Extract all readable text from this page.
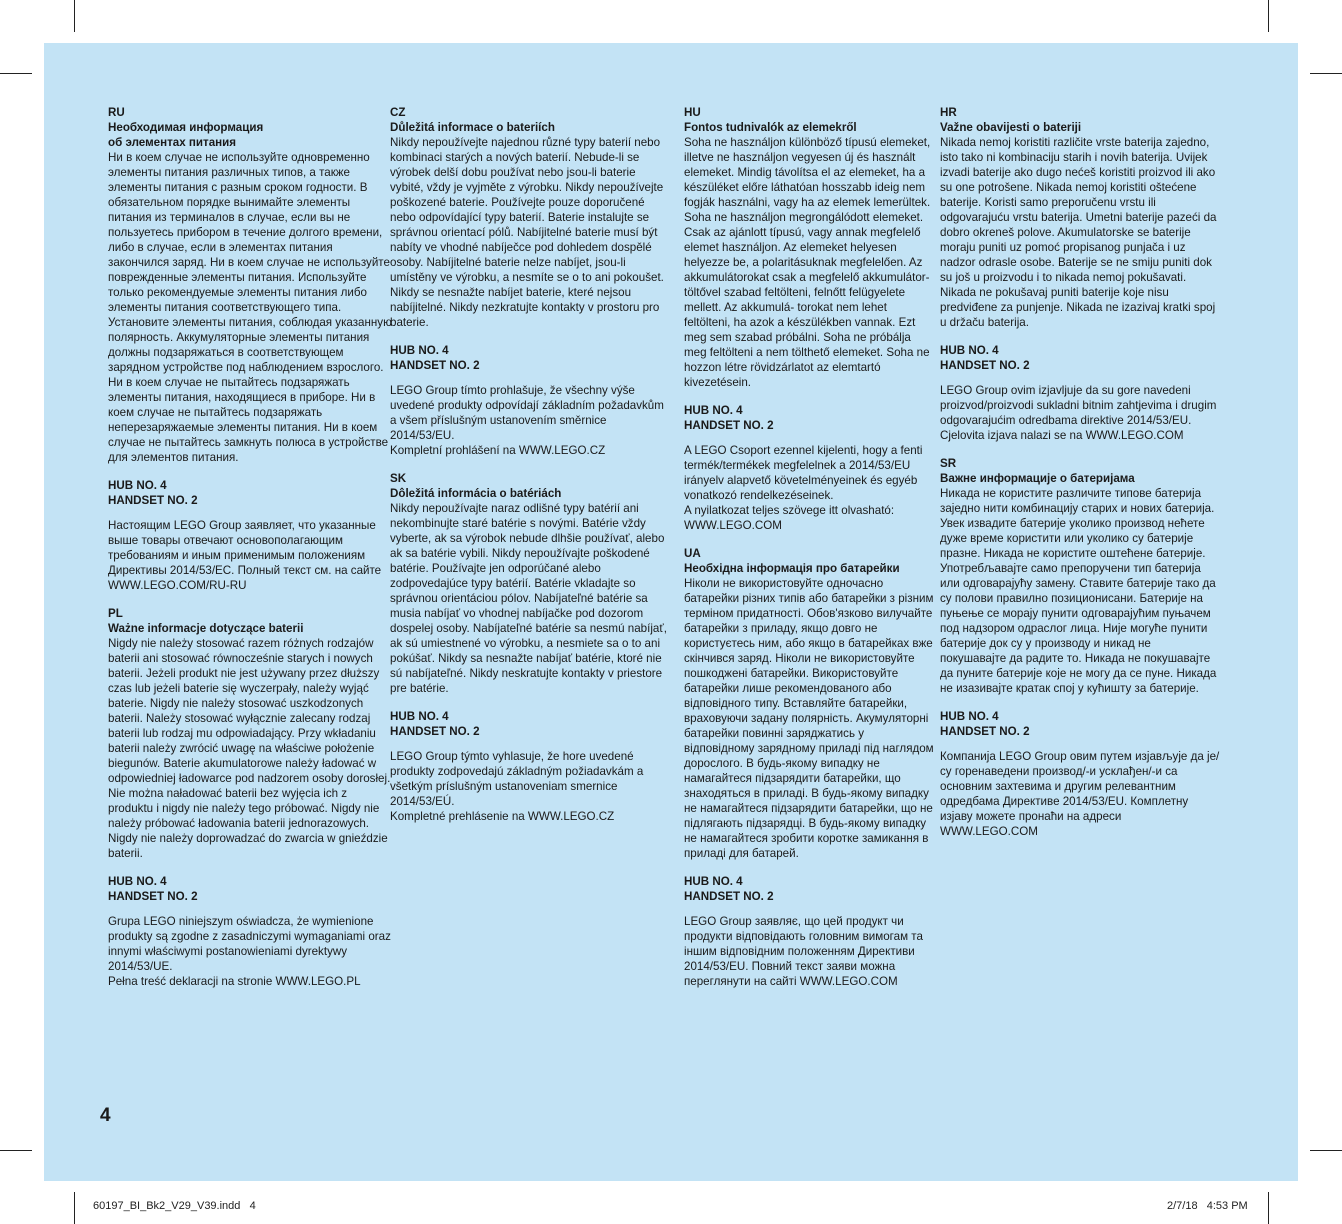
RU
Необходимая информация
об элементах питания
Ни в коем случае не используйте одновременно элементы питания различных типов, а также элементы питания с разным сроком годности. В обязательном порядке вынимайте элементы питания из терминалов в случае, если вы не пользуетесь прибором в течение долгого времени, либо в случае, если в элементах питания закончился заряд. Ни в коем случае не используйте поврежденные элементы питания. Используйте только рекомендуемые элементы питания либо элементы питания соответствующего типа. Установите элементы питания, соблюдая указанную полярность. Аккумуляторные элементы питания должны подзаряжаться в соответствующем зарядном устройстве под наблюдением взрослого. Ни в коем случае не пытайтесь подзаряжать элементы питания, находящиеся в приборе. Ни в коем случае не пытайтесь подзаряжать неперезаряжаемые элементы питания. Ни в коем случае не пытайтесь замкнуть полюса в устройстве для элементов питания.
HUB NO. 4
HANDSET NO. 2
Настоящим LEGO Group заявляет, что указанные выше товары отвечают основополагающим требованиям и иным применимым положениям Директивы 2014/53/EC. Полный текст см. на сайте WWW.LEGO.COM/RU-RU
PL
Ważne informacje dotyczące baterii
Nigdy nie należy stosować razem różnych rodzajów baterii ani stosować równocześnie starych i nowych baterii. Jeżeli produkt nie jest używany przez dłuższy czas lub jeżeli baterie się wyczerpały, należy wyjąć baterie. Nigdy nie należy stosować uszkodzonych baterii. Należy stosować wyłącznie zalecany rodzaj baterii lub rodzaj mu odpowiadający. Przy wkładaniu baterii należy zwrócić uwagę na właściwe położenie biegunów. Baterie akumulatorowe należy ładować w odpowiedniej ładowarce pod nadzorem osoby dorosłej. Nie można naładować baterii bez wyjęcia ich z produktu i nigdy nie należy tego próbować. Nigdy nie należy próbować ładowania baterii jednorazowych. Nigdy nie należy doprowadzać do zwarcia w gnieździe baterii.
HUB NO. 4
HANDSET NO. 2
Grupa LEGO niniejszym oświadcza, że wymienione produkty są zgodne z zasadniczymi wymaganiami oraz innymi właściwymi postanowieniami dyrektywy 2014/53/UE.
Pełna treść deklaracji na stronie WWW.LEGO.PL
CZ
Důležitá informace o bateriích
Nikdy nepoužívejte najednou různé typy baterií nebo kombinaci starých a nových baterií. Nebude-li se výrobek delší dobu používat nebo jsou-li baterie vybité, vždy je vyjměte z výrobku. Nikdy nepoužívejte poškozené baterie. Používejte pouze doporučené nebo odpovídající typy baterií. Baterie instalujte se správnou orientací pólů. Nabíjitelné baterie musí být nabíty ve vhodné nabíječce pod dohledem dospělé osoby. Nabíjitelné baterie nelze nabíjet, jsou-li umístěny ve výrobku, a nesmíte se o to ani pokoušet. Nikdy se nesnažte nabíjet baterie, které nejsou nabíjitelné. Nikdy nezkratujte kontakty v prostoru pro baterie.
HUB NO. 4
HANDSET NO. 2
LEGO Group tímto prohlašuje, že všechny výše uvedené produkty odpovídají základním požadavkům a všem příslušným ustanovením směrnice 2014/53/EU.
Kompletní prohlášení na WWW.LEGO.CZ
SK
Dôležitá informácia o batériách
Nikdy nepoužívajte naraz odlišné typy batérií ani nekombinujte staré batérie s novými. Batérie vždy vyberte, ak sa výrobok nebude dlhšie používať, alebo ak sa batérie vybili. Nikdy nepoužívajte poškodené batérie. Používajte jen odporúčané alebo zodpovedajúce typy batérií. Batérie vkladajte so správnou orientáciou pólov. Nabíjateľné batérie sa musia nabíjať vo vhodnej nabíjačke pod dozorom dospelej osoby. Nabíjateľné batérie sa nesmú nabíjať, ak sú umiestnené vo výrobku, a nesmiete sa o to ani pokúšať. Nikdy sa nesnažte nabíjať batérie, ktoré nie sú nabíjateľné. Nikdy neskratujte kontakty v priestore pre batérie.
HUB NO. 4
HANDSET NO. 2
LEGO Group týmto vyhlasuje, že hore uvedené produkty zodpovedajú základným požiadavkám a všetkým príslušným ustanoveniam smernice 2014/53/EÚ.
Kompletné prehlásenie na WWW.LEGO.CZ
HU
Fontos tudnivalók az elemekről
Soha ne használjon különböző típusú elemeket, illetve ne használjon vegyesen új és használt elemeket. Mindig távolítsa el az elemeket, ha a készüléket előre láthatóan hosszabb ideig nem fogják használni, vagy ha az elemek lemerültek. Soha ne használjon megrongálódott elemeket. Csak az ajánlott típusú, vagy annak megfelelő elemet használjon. Az elemeket helyesen helyezze be, a polaritásuknak megfelelően. Az akkumulátorokat csak a megfelelő akkumulátor- töltővel szabad feltölteni, felnőtt felügyelete mellett. Az akkumulá- torokat nem lehet feltölteni, ha azok a készülékben vannak. Ezt meg sem szabad próbálni. Soha ne próbálja meg feltölteni a nem tölthető elemeket. Soha ne hozzon létre rövidzárlatot az elemtartó kivezetésein.
HUB NO. 4
HANDSET NO. 2
A LEGO Csoport ezennel kijelenti, hogy a fenti termék/termékek megfelelnek a 2014/53/EU irányelv alapvető követelményeinek és egyéb vonatkozó rendelkezéseinek.
A nyilatkozat teljes szövege itt olvasható: WWW.LEGO.COM
UA
Необхідна інформація про батарейки
Ніколи не використовуйте одночасно батарейки різних типів або батарейки з різним терміном придатності. Обов'язково вилучайте батарейки з приладу, якщо довго не користуєтесь ним, або якщо в батарейках вже скінчився заряд. Ніколи не використовуйте пошкоджені батарейки. Використовуйте батарейки лише рекомендованого або відповідного типу. Вставляйте батарейки, враховуючи задану полярність. Акумуляторні батарейки повинні заряджатись у відповідному зарядному приладі під наглядом дорослого. В будь-якому випадку не намагайтеся підзарядити батарейки, що знаходяться в приладі. В будь-якому випадку не намагайтеся підзарядити батарейки, що не підлягають підзарядці. В будь-якому випадку не намагайтеся зробити коротке замикання в приладі для батарей.
HUB NO. 4
HANDSET NO. 2
LEGO Group заявляє, що цей продукт чи продукти відповідають головним вимогам та іншим відповідним положенням Директиви 2014/53/EU. Повний текст заяви можна переглянути на сайті WWW.LEGO.COM
HR
Važne obavijesti o bateriji
Nikada nemoj koristiti različite vrste baterija zajedno, isto tako ni kombinaciju starih i novih baterija. Uvijek izvadi baterije ako dugo nećeš koristiti proizvod ili ako su one potrošene. Nikada nemoj koristiti oštećene baterije. Koristi samo preporučenu vrstu ili odgovarajuću vrstu baterija. Umetni baterije pazeći da dobro okreneš polove. Akumulatorske se baterije moraju puniti uz pomoć propisanog punjača i uz nadzor odrasle osobe. Baterije se ne smiju puniti dok su još u proizvodu i to nikada nemoj pokušavati. Nikada ne pokušavaj puniti baterije koje nisu predviđene za punjenje. Nikada ne izazivaj kratki spoj u držaču baterija.
HUB NO. 4
HANDSET NO. 2
LEGO Group ovim izjavljuje da su gore navedeni proizvod/proizvodi sukladni bitnim zahtjevima i drugim odgovarajućim odredbama direktive 2014/53/EU.
Cjelovita izjava nalazi se na WWW.LEGO.COM
SR
Важне информације о батеријама
Никада не користите различите типове батерија заједно нити комбинацију старих и нових батерија. Увек извадите батерије уколико производ нећете дуже време користити или уколико су батерије празне. Никада не користите оштећене батерије. Употребљавајте само препоручени тип батерија или одговарајућу замену. Ставите батерије тако да су полови правилно позиционисани. Батерије на пуњење се морају пунити одговарајућим пуњачем под надзором одраслог лица. Није могуће пунити батерије док су у производу и никад не покушавајте да радите то. Никада не покушавајте да пуните батерије које не могу да се пуне. Никада не изазивајте кратак спој у кућишту за батерије.
HUB NO. 4
HANDSET NO. 2
Компанија LEGO Group овим путем изјављује да је/су горенаведени производ/-и усклађен/-и са основним захтевима и другим релевантним одредбама Директиве 2014/53/EU. Комплетну изјаву можете пронаћи на адреси WWW.LEGO.COM
4
60197_BI_Bk2_V29_V39.indd   4	2/7/18   4:53 PM
